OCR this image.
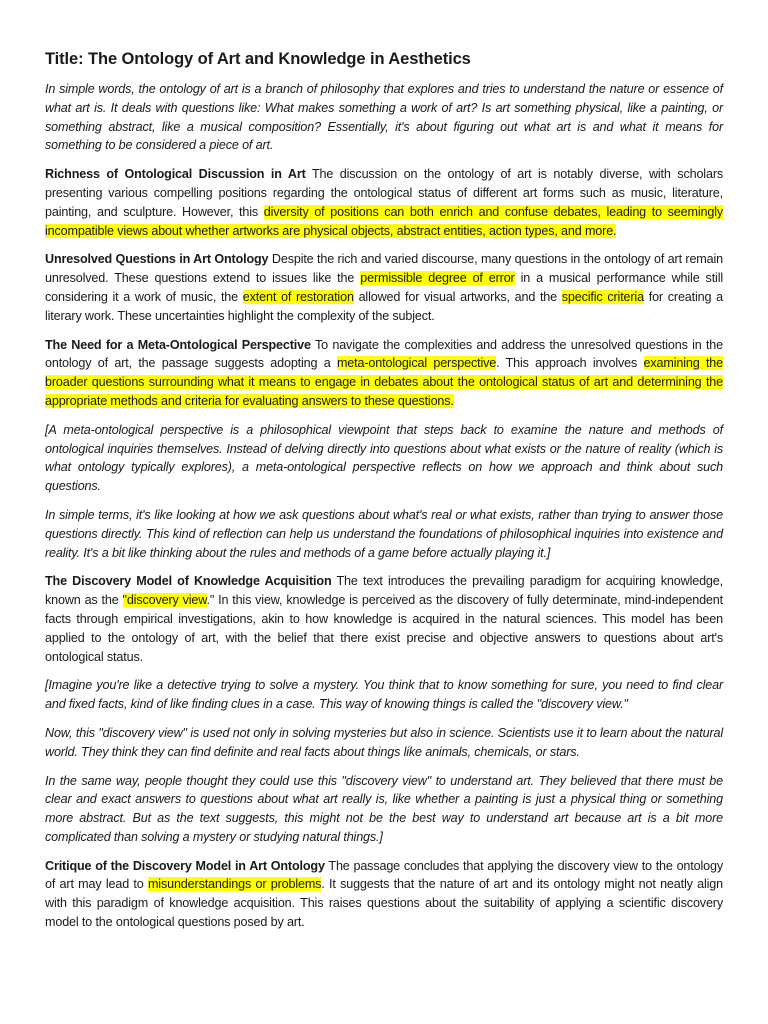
Title: The Ontology of Art and Knowledge in Aesthetics

In simple words, the ontology of art is a branch of philosophy that explores and tries to understand the nature or essence of what art is. It deals with questions like: What makes something a work of art? Is art something physical, like a painting, or something abstract, like a musical composition? Essentially, it's about figuring out what art is and what it means for something to be considered a piece of art.

Richness of Ontological Discussion in Art The discussion on the ontology of art is notably diverse, with scholars presenting various compelling positions regarding the ontological status of different art forms such as music, literature, painting, and sculpture. However, this diversity of positions can both enrich and confuse debates, leading to seemingly incompatible views about whether artworks are physical objects, abstract entities, action types, and more.

Unresolved Questions in Art Ontology Despite the rich and varied discourse, many questions in the ontology of art remain unresolved. These questions extend to issues like the permissible degree of error in a musical performance while still considering it a work of music, the extent of restoration allowed for visual artworks, and the specific criteria for creating a literary work. These uncertainties highlight the complexity of the subject.

The Need for a Meta-Ontological Perspective To navigate the complexities and address the unresolved questions in the ontology of art, the passage suggests adopting a meta-ontological perspective. This approach involves examining the broader questions surrounding what it means to engage in debates about the ontological status of art and determining the appropriate methods and criteria for evaluating answers to these questions.

[A meta-ontological perspective is a philosophical viewpoint that steps back to examine the nature and methods of ontological inquiries themselves. Instead of delving directly into questions about what exists or the nature of reality (which is what ontology typically explores), a meta-ontological perspective reflects on how we approach and think about such questions.

In simple terms, it's like looking at how we ask questions about what's real or what exists, rather than trying to answer those questions directly. This kind of reflection can help us understand the foundations of philosophical inquiries into existence and reality. It's a bit like thinking about the rules and methods of a game before actually playing it.]

The Discovery Model of Knowledge Acquisition The text introduces the prevailing paradigm for acquiring knowledge, known as the "discovery view." In this view, knowledge is perceived as the discovery of fully determinate, mind-independent facts through empirical investigations, akin to how knowledge is acquired in the natural sciences. This model has been applied to the ontology of art, with the belief that there exist precise and objective answers to questions about art's ontological status.

[Imagine you're like a detective trying to solve a mystery. You think that to know something for sure, you need to find clear and fixed facts, kind of like finding clues in a case. This way of knowing things is called the "discovery view."

Now, this "discovery view" is used not only in solving mysteries but also in science. Scientists use it to learn about the natural world. They think they can find definite and real facts about things like animals, chemicals, or stars.

In the same way, people thought they could use this "discovery view" to understand art. They believed that there must be clear and exact answers to questions about what art really is, like whether a painting is just a physical thing or something more abstract. But as the text suggests, this might not be the best way to understand art because art is a bit more complicated than solving a mystery or studying natural things.]

Critique of the Discovery Model in Art Ontology The passage concludes that applying the discovery view to the ontology of art may lead to misunderstandings or problems. It suggests that the nature of art and its ontology might not neatly align with this paradigm of knowledge acquisition. This raises questions about the suitability of applying a scientific discovery model to the ontological questions posed by art.
